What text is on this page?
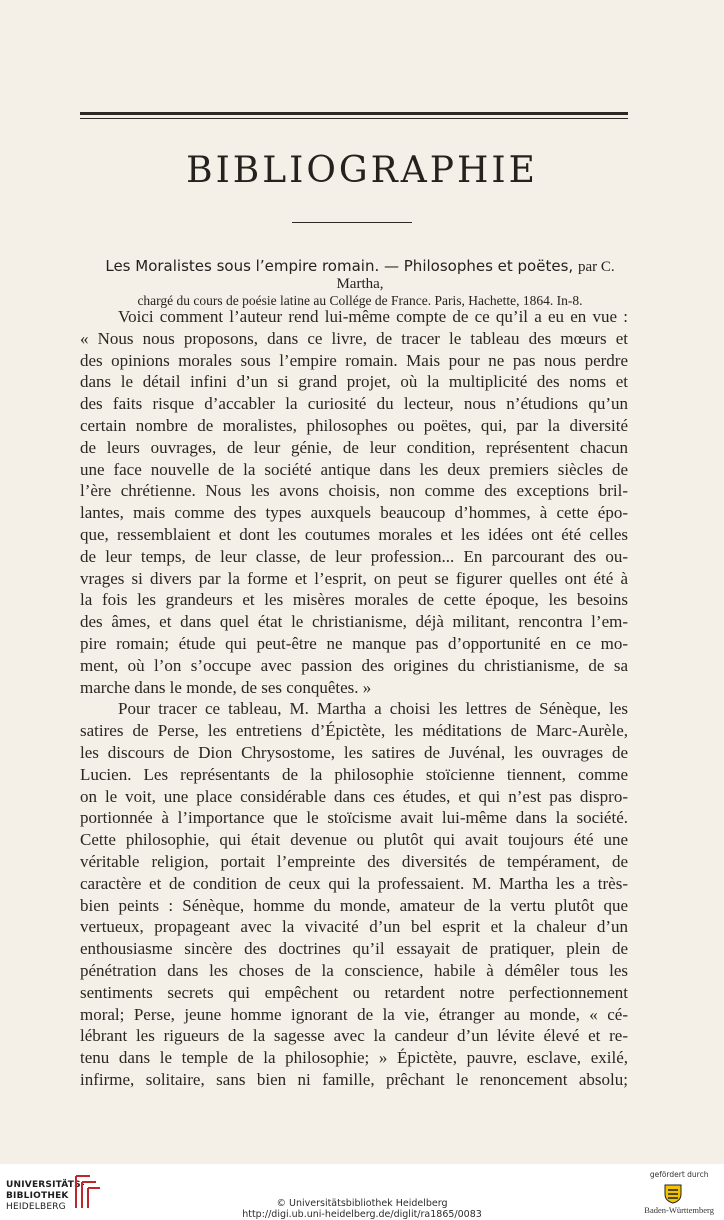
BIBLIOGRAPHIE
Les Moralistes sous l’empire romain. — Philosophes et poëtes, par C. Martha,
chargé du cours de poésie latine au Collége de France. Paris, Hachette, 1864. In-8.
Voici comment l’auteur rend lui-même compte de ce qu’il a eu en vue :
« Nous nous proposons, dans ce livre, de tracer le tableau des mœurs et
des opinions morales sous l’empire romain. Mais pour ne pas nous perdre
dans le détail infini d’un si grand projet, où la multiplicité des noms et
des faits risque d’accabler la curiosité du lecteur, nous n’étudions qu’un
certain nombre de moralistes, philosophes ou poëtes, qui, par la diversité
de leurs ouvrages, de leur génie, de leur condition, représentent chacun
une face nouvelle de la société antique dans les deux premiers siècles de
l’ère chrétienne. Nous les avons choisis, non comme des exceptions bril-
lantes, mais comme des types auxquels beaucoup d’hommes, à cette épo-
que, ressemblaient et dont les coutumes morales et les idées ont été celles
de leur temps, de leur classe, de leur profession... En parcourant des ou-
vrages si divers par la forme et l’esprit, on peut se figurer quelles ont été à
la fois les grandeurs et les misères morales de cette époque, les besoins
des âmes, et dans quel état le christianisme, déjà militant, rencontra l’em-
pire romain; étude qui peut-être ne manque pas d’opportunité en ce mo-
ment, où l’on s’occupe avec passion des origines du christianisme, de sa
marche dans le monde, de ses conquêtes. »
Pour tracer ce tableau, M. Martha a choisi les lettres de Sénèque, les
satires de Perse, les entretiens d’Épictète, les méditations de Marc-Aurèle,
les discours de Dion Chrysostome, les satires de Juvénal, les ouvrages de
Lucien. Les représentants de la philosophie stoïcienne tiennent, comme
on le voit, une place considérable dans ces études, et qui n’est pas dispro-
portionnée à l’importance que le stoïcisme avait lui-même dans la société.
Cette philosophie, qui était devenue ou plutôt qui avait toujours été une
véritable religion, portait l’empreinte des diversités de tempérament, de
caractère et de condition de ceux qui la professaient. M. Martha les a très-
bien peints : Sénèque, homme du monde, amateur de la vertu plutôt que
vertueux, propageant avec la vivacité d’un bel esprit et la chaleur d’un
enthousiasme sincère des doctrines qu’il essayait de pratiquer, plein de
pénétration dans les choses de la conscience, habile à démêler tous les
sentiments secrets qui empêchent ou retardent notre perfectionnement
moral; Perse, jeune homme ignorant de la vie, étranger au monde, « cé-
lébrant les rigueurs de la sagesse avec la candeur d’un lévite élevé et re-
tenu dans le temple de la philosophie; » Épictète, pauvre, esclave, exilé,
infirme, solitaire, sans bien ni famille, prêchant le renoncement absolu;
UNIVERSITÄTS-
BIBLIOTHEK
HEIDELBERG	© Universitätsbibliothek Heidelberg
http://digi.ub.uni-heidelberg.de/diglit/ra1865/0083
gefördert durch
Baden-Württemberg
